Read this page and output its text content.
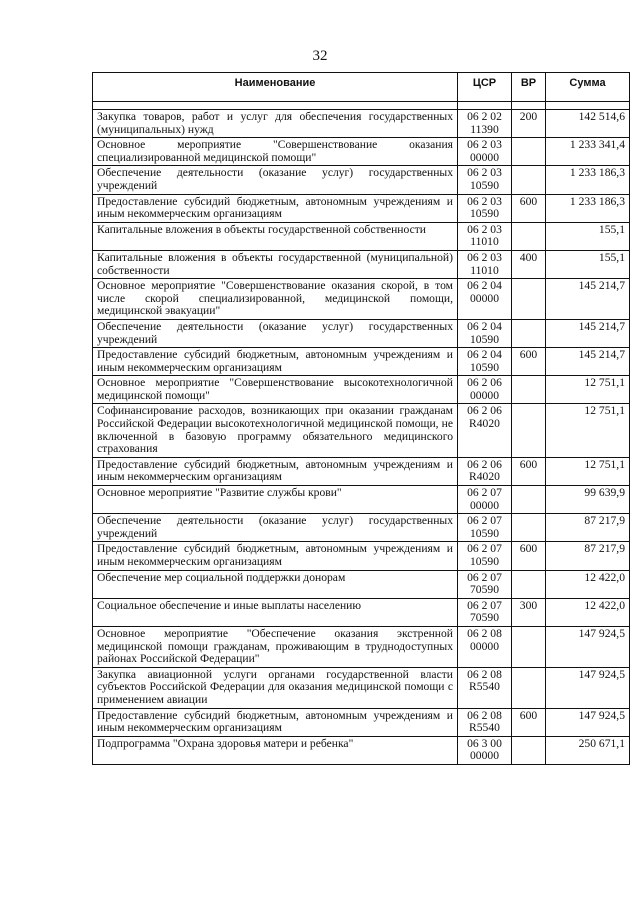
32
Наименование	ЦСР	ВР	Сумма

Закупка товаров, работ и услуг для обеспечения государственных (муниципальных) нужд	06 2 02 11390	200	142 514,6
Основное мероприятие "Совершенствование оказания специализированной медицинской помощи"	06 2 03 00000		1 233 341,4
Обеспечение деятельности (оказание услуг) государственных учреждений	06 2 03 10590		1 233 186,3
Предоставление субсидий бюджетным, автономным учреждениям и иным некоммерческим организациям	06 2 03 10590	600	1 233 186,3
Капитальные вложения в объекты государственной собственности	06 2 03 11010		155,1
Капитальные вложения в объекты государственной (муниципальной) собственности	06 2 03 11010	400	155,1
Основное мероприятие "Совершенствование оказания скорой, в том числе скорой специализированной, медицинской помощи, медицинской эвакуации"	06 2 04 00000		145 214,7
Обеспечение деятельности (оказание услуг) государственных учреждений	06 2 04 10590		145 214,7
Предоставление субсидий бюджетным, автономным учреждениям и иным некоммерческим организациям	06 2 04 10590	600	145 214,7
Основное мероприятие "Совершенствование высокотехнологичной медицинской помощи"	06 2 06 00000		12 751,1
Софинансирование расходов, возникающих при оказании гражданам Российской Федерации высокотехнологичной медицинской помощи, не включенной в базовую программу обязательного медицинского страхования	06 2 06 R4020		12 751,1
Предоставление субсидий бюджетным, автономным учреждениям и иным некоммерческим организациям	06 2 06 R4020	600	12 751,1
Основное мероприятие "Развитие службы крови"	06 2 07 00000		99 639,9
Обеспечение деятельности (оказание услуг) государственных учреждений	06 2 07 10590		87 217,9
Предоставление субсидий бюджетным, автономным учреждениям и иным некоммерческим организациям	06 2 07 10590	600	87 217,9
Обеспечение мер социальной поддержки донорам	06 2 07 70590		12 422,0
Социальное обеспечение и иные выплаты населению	06 2 07 70590	300	12 422,0
Основное мероприятие "Обеспечение оказания экстренной медицинской помощи гражданам, проживающим в труднодоступных районах Российской Федерации"	06 2 08 00000		147 924,5
Закупка авиационной услуги органами государственной власти субъектов Российской Федерации для оказания медицинской помощи с применением авиации	06 2 08 R5540		147 924,5
Предоставление субсидий бюджетным, автономным учреждениям и иным некоммерческим организациям	06 2 08 R5540	600	147 924,5
Подпрограмма "Охрана здоровья матери и ребенка"	06 3 00 00000		250 671,1
